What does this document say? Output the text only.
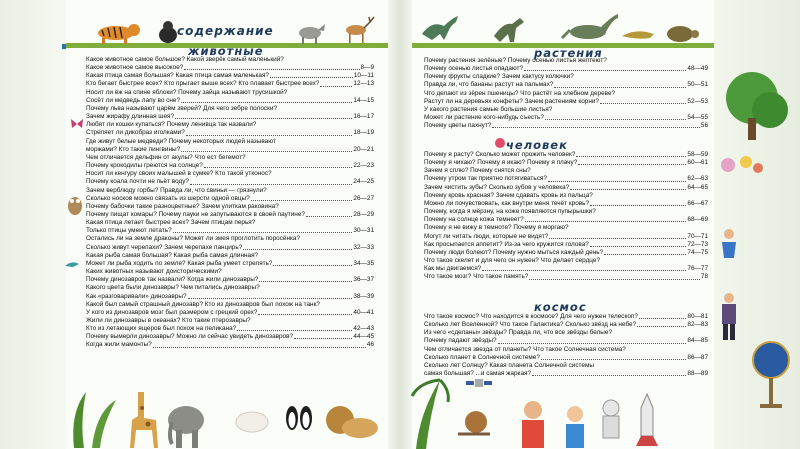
содержание
животные
Какое животное самое большое? Какой зверёк самый маленький?
Какое животное самое высокое?	8—9
Какая птица самая большая? Какая птица самая маленькая?	10—11
Кто бегает быстрее всех? Кто прыгает выше всех? Кто плавает быстрее всех?	12—13
Носит ли ёж на спине яблоки? Почему зайца называют трусишкой?
Сосёт ли медведь лапу во сне?	14—15
Почему льва называют царём зверей? Для чего зебре полоски?
Зачем жирафу длинная шея?	16—17
Любят ли кошки купаться? Почему ленивца так назвали?
Стреляет ли дикобраз иголками?	18—19
Где живут белые медведи? Почему некоторых людей называют
моржами? Кто такие пингвины?	20—21
Чем отличается дельфин от акулы? Что ест бегемот?
Почему крокодилы греются на солнце?	22—23
Носит ли кенгуру своих малышей в сумке? Кто такой утконос?
Почему коала почти не пьёт воду?	24—25
Зачем верблюду горбы? Правда ли, что свиньи — грязнули?
Сколько носков можно связать из шерсти одной овцы?	26—27
Почему бабочки такие разноцветные? Зачем улиткам раковина?
Почему пищат комары? Почему пауки не запутываются в своей паутине?	28—29
Какая птица летает быстрее всех? Зачем птицам перья?
Только птицы умеют летать?	30—31
Остались ли на земле драконы? Может ли змея проглотить поросёнка?
Сколько живут черепахи? Зачем черепахе панцирь?	32—33
Какая рыба самая большая? Какая рыба самая длинная?
Может ли рыба ходить по земле? Какая рыба умеет стрелять?	34—35
Каких животных называют доисторическими?
Почему динозавров так назвали? Когда жили динозавры?	36—37
Какого цвета были динозавры? Чем питались динозавры?
Как «разговаривали» динозавры?	38—39
Какой был самый страшный динозавр? Кто из динозавров был похож на танк?
У кого из динозавров мозг был размером с грецкий орех?	40—41
Жили ли динозавры в океанах? Кто такие птерозавры?
Кто из летающих ящеров был похож на пеликана?	42—43
Почему вымерли динозавры? Можно ли сейчас увидеть динозавров?	44—45
Когда жили мамонты?	46
растения
Почему растения зелёные? Почему осенью листья желтеют?
Почему осенью листья опадают?	48—49
Почему фрукты сладкие? Зачем кактусу колючки?
Правда ли, что бананы растут на пальмах?	50—51
Что делают из зёрен пшеницы? Что растёт на хлебном дереве?
Растут ли на деревьях конфеты? Зачем растениям корни?	52—53
У какого растения самые большие листья?
Может ли растение кого-нибудь съесть?	54—55
Почему цветы пахнут?	56
человек
Почему я расту? Сколько может прожить человек?	58—59
Почему я чихаю? Почему я икаю? Почему я плачу?	60—61
Зачем я сплю? Почему снятся сны?
Почему утром так приятно потягиваться?	62—63
Зачем чистить зубы? Сколько зубов у человека?	64—65
Почему кровь красная? Зачем сдавать кровь из пальца?
Можно ли почувствовать, как внутри меня течёт кровь?	66—67
Почему, когда я мёрзну, на коже появляются пупырышки?
Почему на солнце кожа темнеет?	68—69
Почему я не вижу в темноте? Почему я моргаю?
Могут ли читать люди, которые не видят?	70—71
Как просыпается аппетит? Из-за чего кружится голова?	72—73
Почему люди болеют? Почему нужно мыться каждый день?	74—75
Что такое скелет и для чего он нужен? Что делает сердце?
Как мы двигаемся?	76—77
Что такое мозг? Что такое память?	78
космос
Что такое космос? Что находится в космосе? Для чего нужен телескоп?	80—81
Сколько лет Вселенной? Что такое Галактика? Сколько звёзд на небе?	82—83
Из чего «сделаны» звёзды? Правда ли, что все звёзды белые?
Почему падают звёзды?	84—85
Чем отличается звезда от планеты? Что такое Солнечная система?
Сколько планет в Солнечной системе?	86—87
Сколько лет Солнцу? Какая планета Солнечной системы
самая большая? ...и самая жаркая?	88—89
